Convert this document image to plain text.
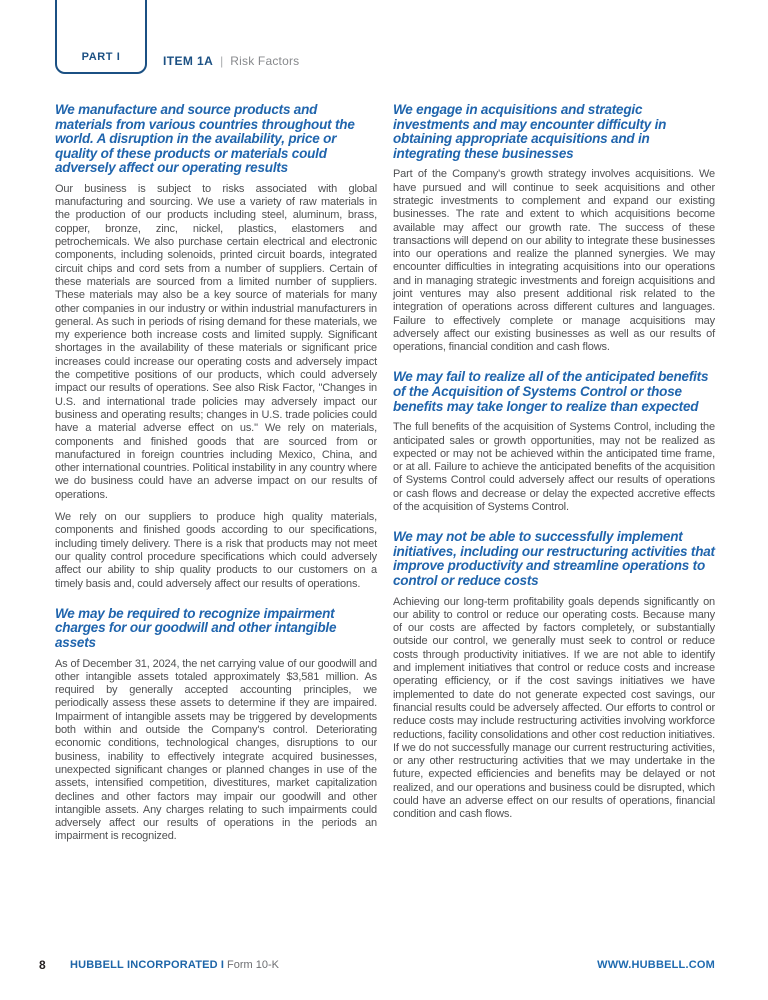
PART I	ITEM 1A | Risk Factors
We manufacture and source products and materials from various countries throughout the world. A disruption in the availability, price or quality of these products or materials could adversely affect our operating results

Our business is subject to risks associated with global manufacturing and sourcing. We use a variety of raw materials in the production of our products including steel, aluminum, brass, copper, bronze, zinc, nickel, plastics, elastomers and petrochemicals. We also purchase certain electrical and electronic components, including solenoids, printed circuit boards, integrated circuit chips and cord sets from a number of suppliers. Certain of these materials are sourced from a limited number of suppliers. These materials may also be a key source of materials for many other companies in our industry or within industrial manufacturers in general. As such in periods of rising demand for these materials, we my experience both increase costs and limited supply. Significant shortages in the availability of these materials or significant price increases could increase our operating costs and adversely impact the competitive positions of our products, which could adversely impact our results of operations. See also Risk Factor, "Changes in U.S. and international trade policies may adversely impact our business and operating results; changes in U.S. trade policies could have a material adverse effect on us." We rely on materials, components and finished goods that are sourced from or manufactured in foreign countries including Mexico, China, and other international countries. Political instability in any country where we do business could have an adverse impact on our results of operations.

We rely on our suppliers to produce high quality materials, components and finished goods according to our specifications, including timely delivery. There is a risk that products may not meet our quality control procedure specifications which could adversely affect our ability to ship quality products to our customers on a timely basis and, could adversely affect our results of operations.

We may be required to recognize impairment charges for our goodwill and other intangible assets

As of December 31, 2024, the net carrying value of our goodwill and other intangible assets totaled approximately $3,581 million. As required by generally accepted accounting principles, we periodically assess these assets to determine if they are impaired. Impairment of intangible assets may be triggered by developments both within and outside the Company's control. Deteriorating economic conditions, technological changes, disruptions to our business, inability to effectively integrate acquired businesses, unexpected significant changes or planned changes in use of the assets, intensified competition, divestitures, market capitalization declines and other factors may impair our goodwill and other intangible assets. Any charges relating to such impairments could adversely affect our results of operations in the periods an impairment is recognized.

We engage in acquisitions and strategic investments and may encounter difficulty in obtaining appropriate acquisitions and in integrating these businesses

Part of the Company's growth strategy involves acquisitions. We have pursued and will continue to seek acquisitions and other strategic investments to complement and expand our existing businesses. The rate and extent to which acquisitions become available may affect our growth rate. The success of these transactions will depend on our ability to integrate these businesses into our operations and realize the planned synergies. We may encounter difficulties in integrating acquisitions into our operations and in managing strategic investments and foreign acquisitions and joint ventures may also present additional risk related to the integration of operations across different cultures and languages. Failure to effectively complete or manage acquisitions may adversely affect our existing businesses as well as our results of operations, financial condition and cash flows.

We may fail to realize all of the anticipated benefits of the Acquisition of Systems Control or those benefits may take longer to realize than expected

The full benefits of the acquisition of Systems Control, including the anticipated sales or growth opportunities, may not be realized as expected or may not be achieved within the anticipated time frame, or at all. Failure to achieve the anticipated benefits of the acquisition of Systems Control could adversely affect our results of operations or cash flows and decrease or delay the expected accretive effects of the acquisition of Systems Control.

We may not be able to successfully implement initiatives, including our restructuring activities that improve productivity and streamline operations to control or reduce costs

Achieving our long-term profitability goals depends significantly on our ability to control or reduce our operating costs. Because many of our costs are affected by factors completely, or substantially outside our control, we generally must seek to control or reduce costs through productivity initiatives. If we are not able to identify and implement initiatives that control or reduce costs and increase operating efficiency, or if the cost savings initiatives we have implemented to date do not generate expected cost savings, our financial results could be adversely affected. Our efforts to control or reduce costs may include restructuring activities involving workforce reductions, facility consolidations and other cost reduction initiatives. If we do not successfully manage our current restructuring activities, or any other restructuring activities that we may undertake in the future, expected efficiencies and benefits may be delayed or not realized, and our operations and business could be disrupted, which could have an adverse effect on our results of operations, financial condition and cash flows.

8 HUBBELL INCORPORATED I Form 10-K	WWW.HUBBELL.COM
